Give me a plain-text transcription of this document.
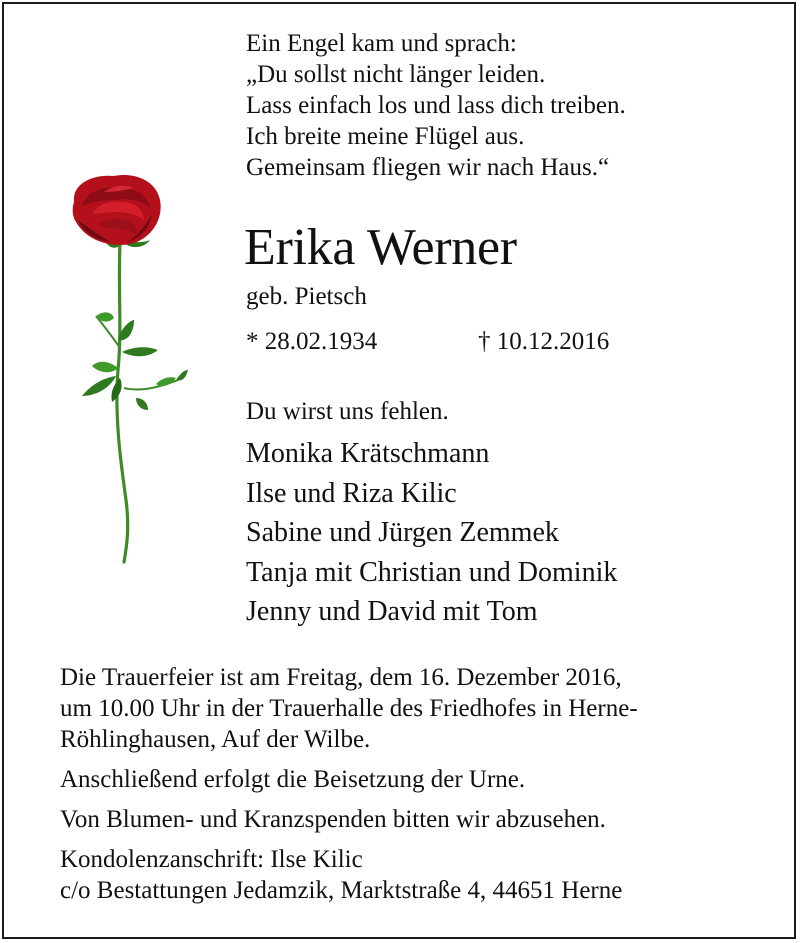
Ein Engel kam und sprach:
„Du sollst nicht länger leiden.
Lass einfach los und lass dich treiben.
Ich breite meine Flügel aus.
Gemeinsam fliegen wir nach Haus.“
Erika Werner
geb. Pietsch
* 28.02.1934	† 10.12.2016
Du wirst uns fehlen.
Monika Krätschmann
Ilse und Riza Kilic
Sabine und Jürgen Zemmek
Tanja mit Christian und Dominik
Jenny und David mit Tom
Die Trauerfeier ist am Freitag, dem 16. Dezember 2016,
um 10.00 Uhr in der Trauerhalle des Friedhofes in Herne-
Röhlinghausen, Auf der Wilbe.
Anschließend erfolgt die Beisetzung der Urne.
Von Blumen- und Kranzspenden bitten wir abzusehen.
Kondolenzanschrift: Ilse Kilic
c/o Bestattungen Jedamzik, Marktstraße 4, 44651 Herne
